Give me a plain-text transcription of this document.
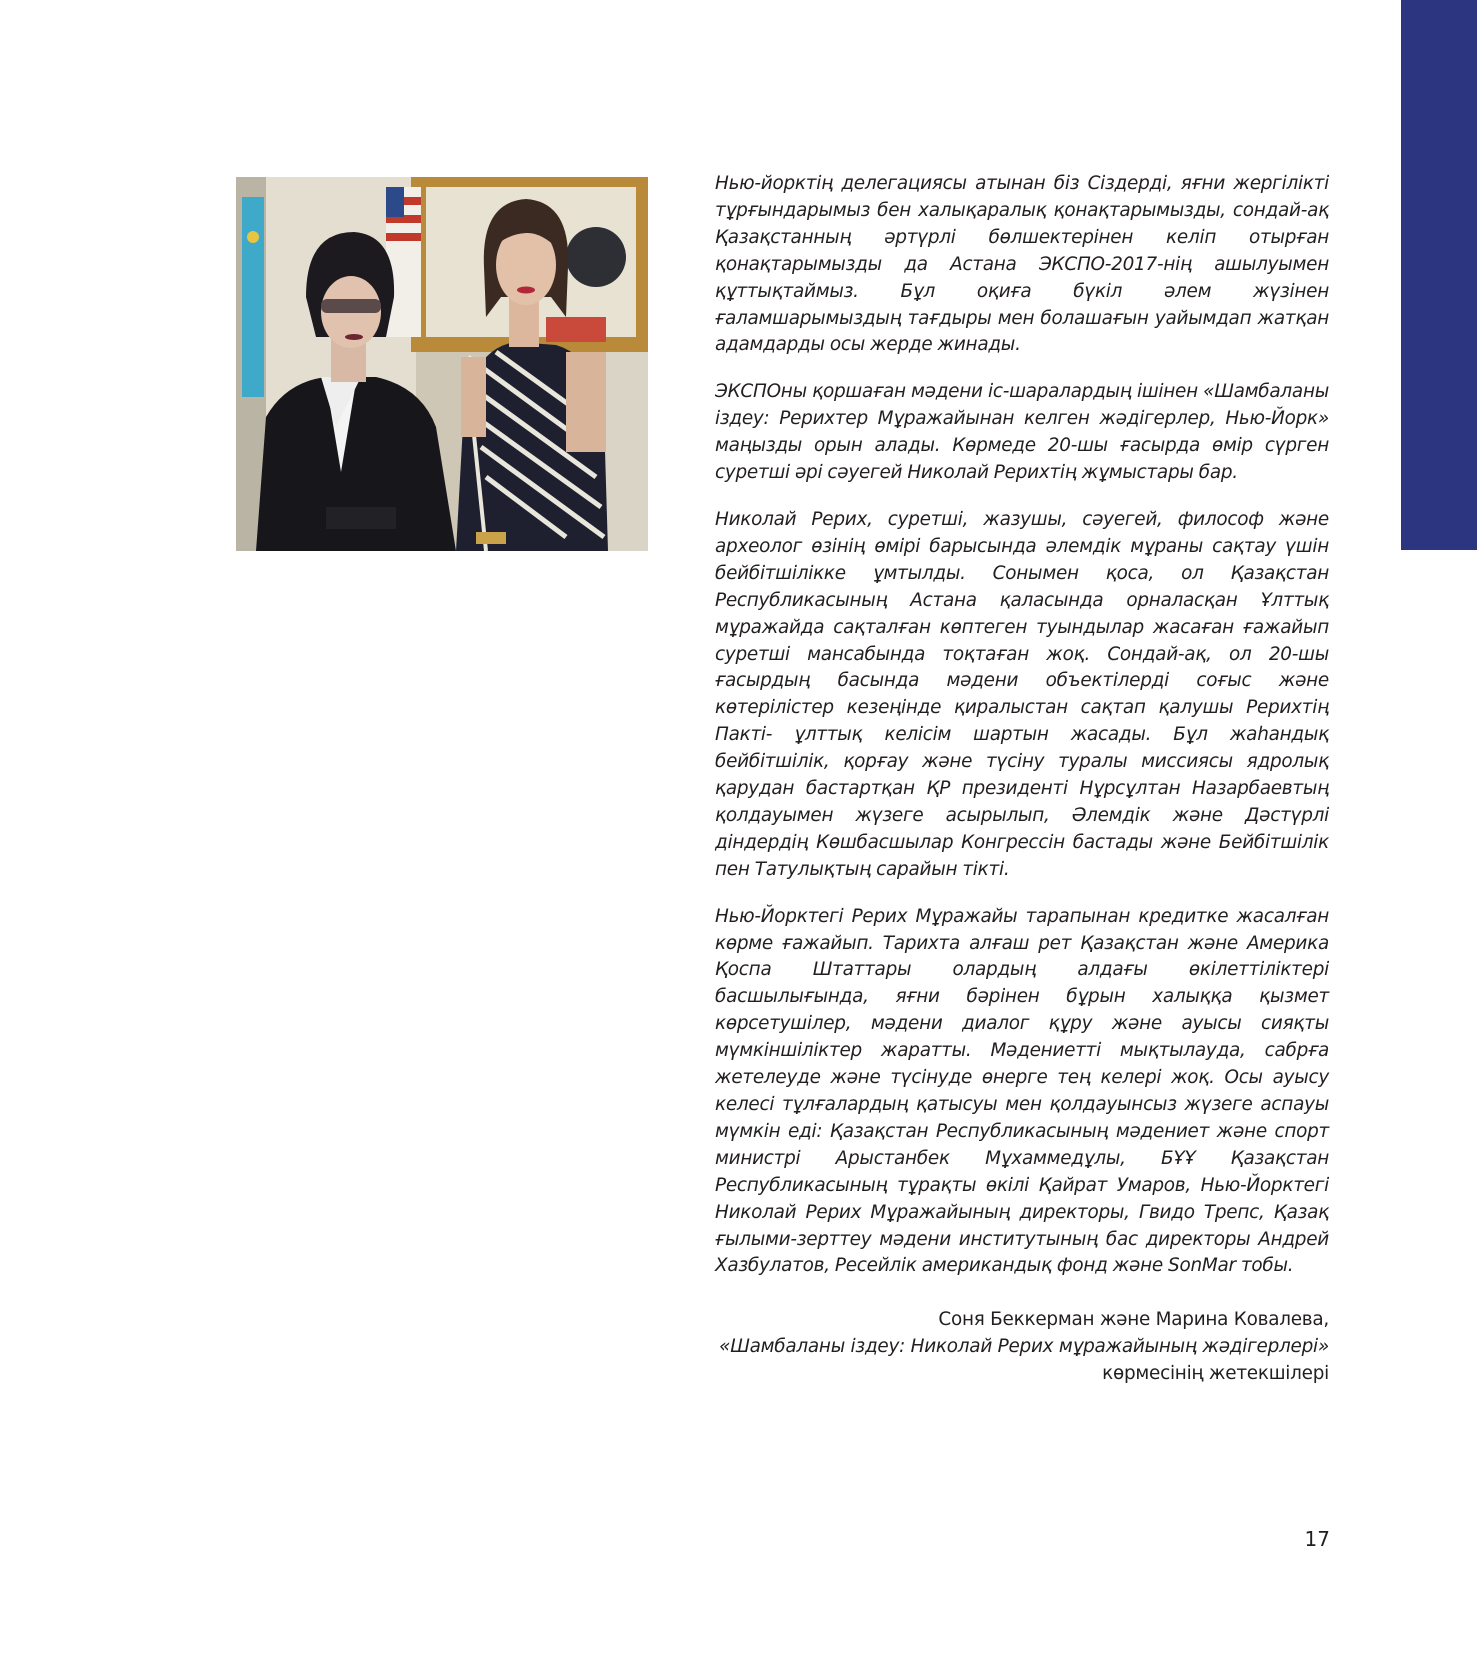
Нью-йорктің делегациясы атынан біз Сіздерді, яғни жергілікті тұрғындарымыз бен халықаралық қонақтарымызды, сондай-ақ Қазақстанның әртүрлі бөлшектерінен келіп отырған қонақтарымызды да Астана ЭКСПО-2017-нің ашылуымен құттықтаймыз. Бұл оқиға бүкіл әлем жүзінен ғаламшарымыздың тағдыры мен болашағын уайымдап жатқан адамдарды осы жерде жинады.

ЭКСПОны қоршаған мәдени іс-шаралардың ішінен «Шамбаланы іздеу: Рерихтер Мұражайынан келген жәдігерлер, Нью-Йорк» маңызды орын алады. Көрмеде 20-шы ғасырда өмір сүрген суретші әрі сәуегей Николай Рерихтің жұмыстары бар.

Николай Рерих, суретші, жазушы, сәуегей, философ және археолог өзінің өмірі барысында әлемдік мұраны сақтау үшін бейбітшілікке ұмтылды. Сонымен қоса, ол Қазақстан Республикасының Астана қаласында орналасқан Ұлттық мұражайда сақталған көптеген туындылар жасаған ғажайып суретші мансабында тоқтаған жоқ. Сондай-ақ, ол 20-шы ғасырдың басында мәдени объектілерді соғыс және көтерілістер кезеңінде қиралыстан сақтап қалушы Рерихтің Пакті- ұлттық келісім шартын жасады. Бұл жаһандық бейбітшілік, қорғау және түсіну туралы миссиясы ядролық қарудан бастартқан ҚР президенті Нұрсұлтан Назарбаевтың қолдауымен жүзеге асырылып, Әлемдік және Дәстүрлі діндердің Көшбасшылар Конгрессін бастады және Бейбітшілік пен Татулықтың сарайын тікті.

Нью-Йорктегі Рерих Мұражайы тарапынан кредитке жасалған көрме ғажайып. Тарихта алғаш рет Қазақстан және Америка Қоспа Штаттары олардың алдағы өкілеттіліктері басшылығында, яғни бәрінен бұрын халыққа қызмет көрсетушілер, мәдени диалог құру және ауысы сияқты мүмкіншіліктер жаратты. Мәдениетті мықтылауда, сабрға жетелеуде және түсінуде өнерге тең келері жоқ. Осы ауысу келесі тұлғалардың қатысуы мен қолдауынсыз жүзеге аспауы мүмкін еді: Қазақстан Республикасының мәдениет және спорт министрі Арыстанбек Мұхаммедұлы, БҰҰ Қазақстан Республикасының тұрақты өкілі Қайрат Умаров, Нью-Йорктегі Николай Рерих Мұражайының директоры, Гвидо Трепс, Қазақ ғылыми-зерттеу мәдени институтының бас директоры Андрей Хазбулатов, Ресейлік американдық фонд және SonMar тобы.

Соня Беккерман және Марина Ковалева,
«Шамбаланы іздеу: Николай Рерих мұражайының жәдігерлері»
көрмесінің жетекшілері
17
